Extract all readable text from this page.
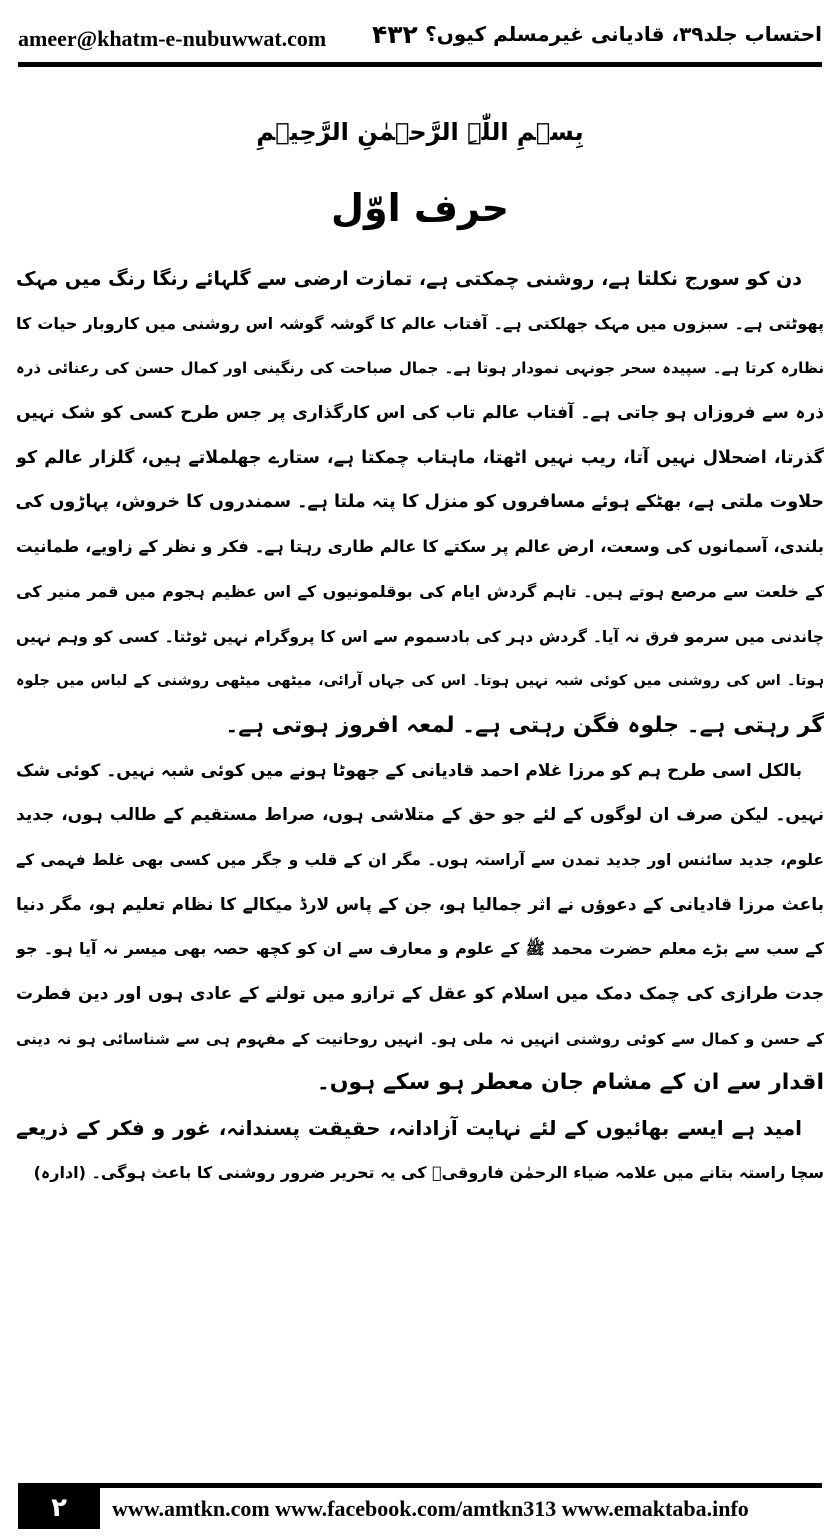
ameer@khatm-e-nubuwwat.com ۴۳۲ احتساب جلد۳۹، قادیانی غیرمسلم کیوں؟
بِسۡمِ اللّٰہِ الرَّحۡمٰنِ الرَّحِیۡمِ
حرف اوّل
دن کو سورج نکلتا ہے، روشنی چمکتی ہے، تمازت ارضی سے گلہائے رنگا رنگ میں مہک
پھوٹتی ہے۔ سبزوں میں مہک جھلکتی ہے۔ آفتاب عالم کا گوشہ گوشہ اس روشنی میں کاروبار حیات کا
نظارہ کرتا ہے۔ سپیدہ سحر جونہی نمودار ہوتا ہے۔ جمال صباحت کی رنگینی اور کمال حسن کی رعنائی ذرہ
ذرہ سے فروزاں ہو جاتی ہے۔ آفتاب عالم تاب کی اس کارگذاری پر جس طرح کسی کو شک نہیں
گذرتا، اضحلال نہیں آتا، ریب نہیں اٹھتا، ماہتاب چمکتا ہے، ستارے جھلملاتے ہیں، گلزار عالم کو
حلاوت ملتی ہے، بھٹکے ہوئے مسافروں کو منزل کا پتہ ملتا ہے۔ سمندروں کا خروش، پہاڑوں کی
بلندی، آسمانوں کی وسعت، ارض عالم پر سکتے کا عالم طاری رہتا ہے۔ فکر و نظر کے زاویے، طمانیت
کے خلعت سے مرصع ہوتے ہیں۔ تاہم گردش ایام کی بوقلمونیوں کے اس عظیم ہجوم میں قمر منیر کی
چاندنی میں سرمو فرق نہ آیا۔ گردش دہر کی بادسموم سے اس کا پروگرام نہیں ٹوٹتا۔ کسی کو وہم نہیں
ہوتا۔ اس کی روشنی میں کوئی شبہ نہیں ہوتا۔ اس کی جہاں آرائی، میٹھی میٹھی روشنی کے لباس میں جلوہ
گر رہتی ہے۔ جلوہ فگن رہتی ہے۔ لمعہ افروز ہوتی ہے۔
بالکل اسی طرح ہم کو مرزا غلام احمد قادیانی کے جھوٹا ہونے میں کوئی شبہ نہیں۔ کوئی شک
نہیں۔ لیکن صرف ان لوگوں کے لئے جو حق کے متلاشی ہوں، صراط مستقیم کے طالب ہوں، جدید
علوم، جدید سائنس اور جدید تمدن سے آراستہ ہوں۔ مگر ان کے قلب و جگر میں کسی بھی غلط فہمی کے
باعث مرزا قادیانی کے دعوؤں نے اثر جمالیا ہو، جن کے پاس لارڈ میکالے کا نظام تعلیم ہو، مگر دنیا
کے سب سے بڑے معلم حضرت محمد ﷺ کے علوم و معارف سے ان کو کچھ حصہ بھی میسر نہ آیا ہو۔ جو
جدت طرازی کی چمک دمک میں اسلام کو عقل کے ترازو میں تولنے کے عادی ہوں اور دین فطرت
کے حسن و کمال سے کوئی روشنی انہیں نہ ملی ہو۔ انہیں روحانیت کے مفہوم ہی سے شناسائی ہو نہ دینی
اقدار سے ان کے مشام جان معطر ہو سکے ہوں۔
امید ہے ایسے بھائیوں کے لئے نہایت آزادانہ، حقیقت پسندانہ، غور و فکر کے ذریعے
سچا راستہ بتانے میں علامہ ضیاء الرحمٰن فاروقیؒ کی یہ تحریر ضرور روشنی کا باعث ہوگی۔ (ادارہ)
۲	www.amtkn.com www.facebook.com/amtkn313 www.emaktaba.info
